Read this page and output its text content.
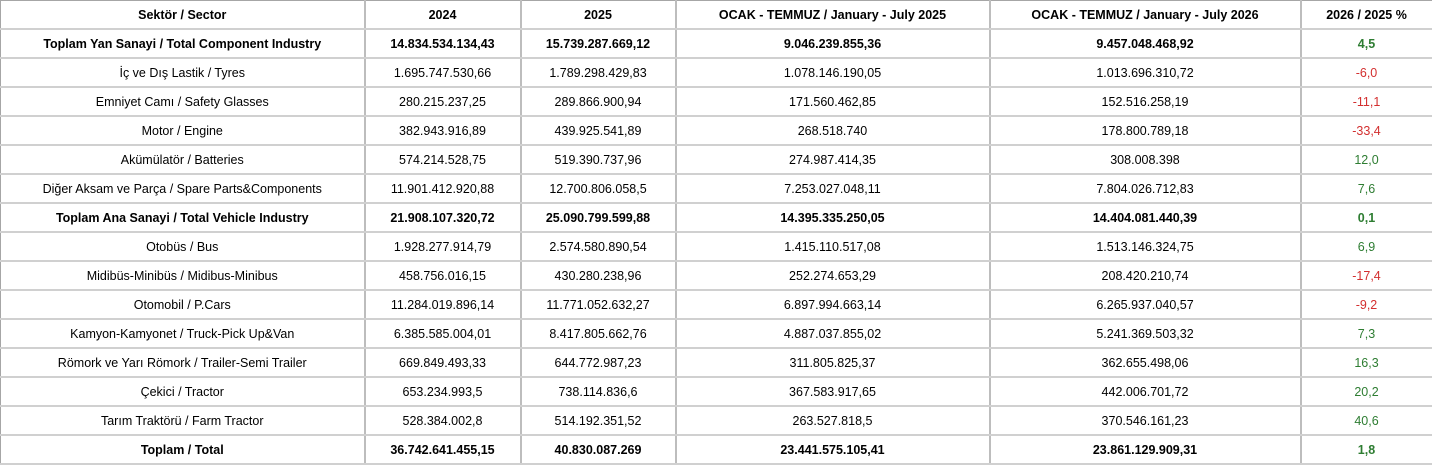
Sektör / Sector	2024	2025	OCAK - TEMMUZ / January - July 2025	OCAK - TEMMUZ / January - July 2026	2026 / 2025 %
Toplam Yan Sanayi / Total Component Industry	14.834.534.134,43	15.739.287.669,12	9.046.239.855,36	9.457.048.468,92	4,5
İç ve Dış Lastik / Tyres	1.695.747.530,66	1.789.298.429,83	1.078.146.190,05	1.013.696.310,72	-6,0
Emniyet Camı / Safety Glasses	280.215.237,25	289.866.900,94	171.560.462,85	152.516.258,19	-11,1
Motor / Engine	382.943.916,89	439.925.541,89	268.518.740	178.800.789,18	-33,4
Akümülatör / Batteries	574.214.528,75	519.390.737,96	274.987.414,35	308.008.398	12,0
Diğer Aksam ve Parça / Spare Parts&Components	11.901.412.920,88	12.700.806.058,5	7.253.027.048,11	7.804.026.712,83	7,6
Toplam Ana Sanayi / Total Vehicle Industry	21.908.107.320,72	25.090.799.599,88	14.395.335.250,05	14.404.081.440,39	0,1
Otobüs / Bus	1.928.277.914,79	2.574.580.890,54	1.415.110.517,08	1.513.146.324,75	6,9
Midibüs-Minibüs / Midibus-Minibus	458.756.016,15	430.280.238,96	252.274.653,29	208.420.210,74	-17,4
Otomobil / P.Cars	11.284.019.896,14	11.771.052.632,27	6.897.994.663,14	6.265.937.040,57	-9,2
Kamyon-Kamyonet / Truck-Pick Up&Van	6.385.585.004,01	8.417.805.662,76	4.887.037.855,02	5.241.369.503,32	7,3
Römork ve Yarı Römork / Trailer-Semi Trailer	669.849.493,33	644.772.987,23	311.805.825,37	362.655.498,06	16,3
Çekici / Tractor	653.234.993,5	738.114.836,6	367.583.917,65	442.006.701,72	20,2
Tarım Traktörü / Farm Tractor	528.384.002,8	514.192.351,52	263.527.818,5	370.546.161,23	40,6
Toplam / Total	36.742.641.455,15	40.830.087.269	23.441.575.105,41	23.861.129.909,31	1,8
